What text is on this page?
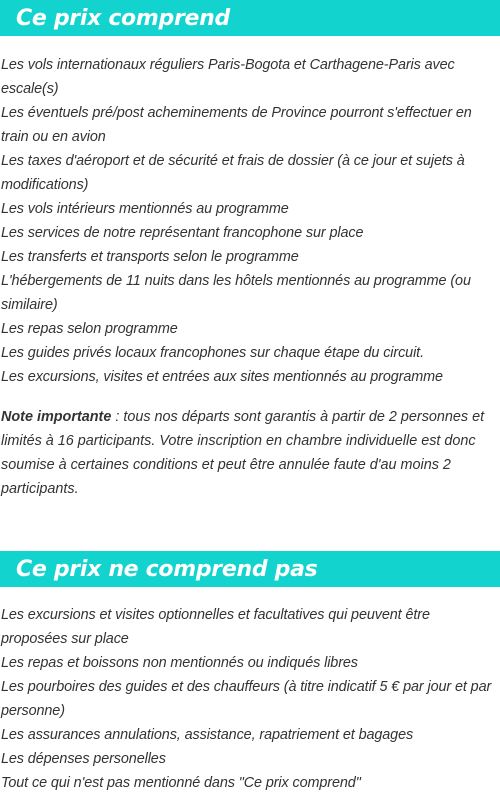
Ce prix comprend
Les vols internationaux réguliers Paris-Bogota et Carthagene-Paris avec escale(s)
Les éventuels pré/post acheminements de Province pourront s'effectuer en train ou en avion
Les taxes d'aéroport et de sécurité et frais de dossier (à ce jour et sujets à modifications)
Les vols intérieurs mentionnés au programme
Les services de notre représentant francophone sur place
Les transferts et transports selon le programme
L'hébergements de 11 nuits dans les hôtels mentionnés au programme (ou similaire)
Les repas selon programme
Les guides privés locaux francophones sur chaque étape du circuit.
Les excursions, visites et entrées aux sites mentionnés au programme
Note importante : tous nos départs sont garantis à partir de 2 personnes et limités à 16 participants. Votre inscription en chambre individuelle est donc soumise à certaines conditions et peut être annulée faute d'au moins 2 participants.
Ce prix ne comprend pas
Les excursions et visites optionnelles et facultatives qui peuvent être proposées sur place
Les repas et boissons non mentionnés ou indiqués libres
Les pourboires des guides et des chauffeurs (à titre indicatif 5 € par jour et par personne)
Les assurances annulations, assistance, rapatriement et bagages
Les dépenses personelles
Tout ce qui n'est pas mentionné dans "Ce prix comprend"
